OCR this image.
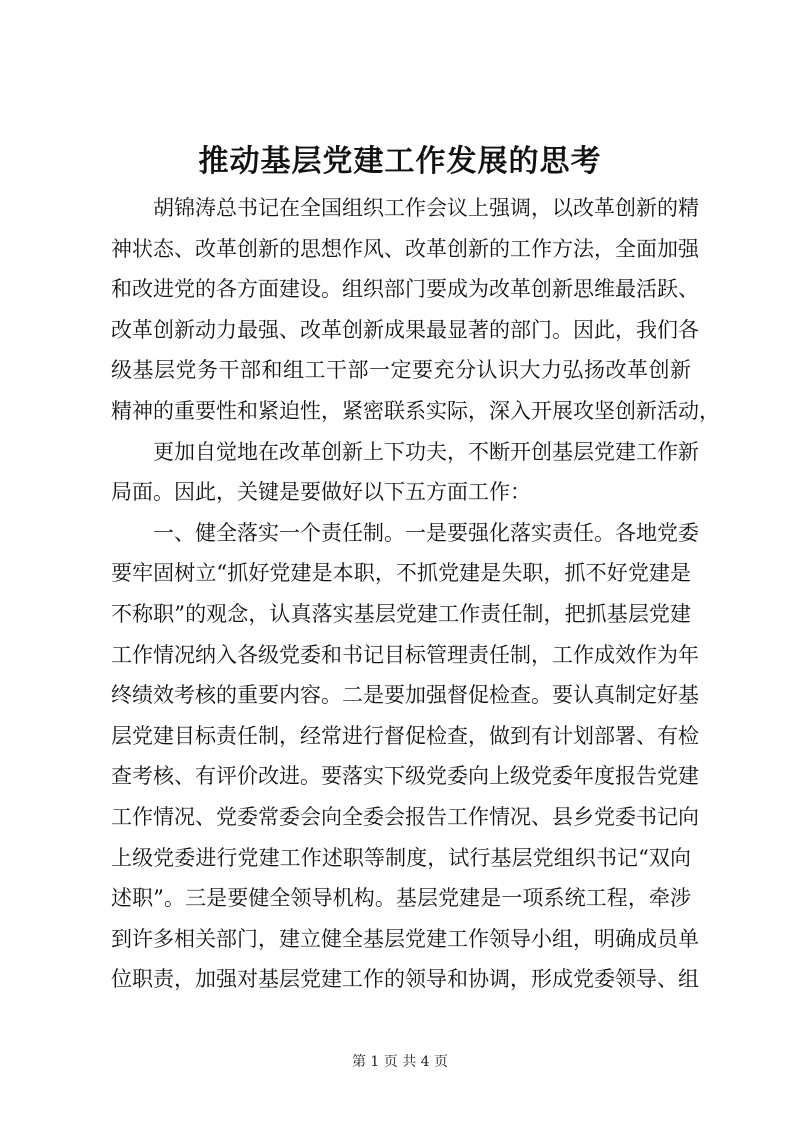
推动基层党建工作发展的思考
胡锦涛总书记在全国组织工作会议上强调，以改革创新的精
神状态、改革创新的思想作风、改革创新的工作方法，全面加强
和改进党的各方面建设。组织部门要成为改革创新思维最活跃、
改革创新动力最强、改革创新成果最显著的部门。因此，我们各
级基层党务干部和组工干部一定要充分认识大力弘扬改革创新
精神的重要性和紧迫性，紧密联系实际，深入开展攻坚创新活动，
更加自觉地在改革创新上下功夫，不断开创基层党建工作新
局面。因此，关键是要做好以下五方面工作：
一、健全落实一个责任制。一是要强化落实责任。各地党委
要牢固树立“抓好党建是本职，不抓党建是失职，抓不好党建是
不称职”的观念，认真落实基层党建工作责任制，把抓基层党建
工作情况纳入各级党委和书记目标管理责任制，工作成效作为年
终绩效考核的重要内容。二是要加强督促检查。要认真制定好基
层党建目标责任制，经常进行督促检查，做到有计划部署、有检
查考核、有评价改进。要落实下级党委向上级党委年度报告党建
工作情况、党委常委会向全委会报告工作情况、县乡党委书记向
上级党委进行党建工作述职等制度，试行基层党组织书记“双向
述职”。三是要健全领导机构。基层党建是一项系统工程，牵涉
到许多相关部门，建立健全基层党建工作领导小组，明确成员单
位职责，加强对基层党建工作的领导和协调，形成党委领导、组
第 1 页 共 4 页
